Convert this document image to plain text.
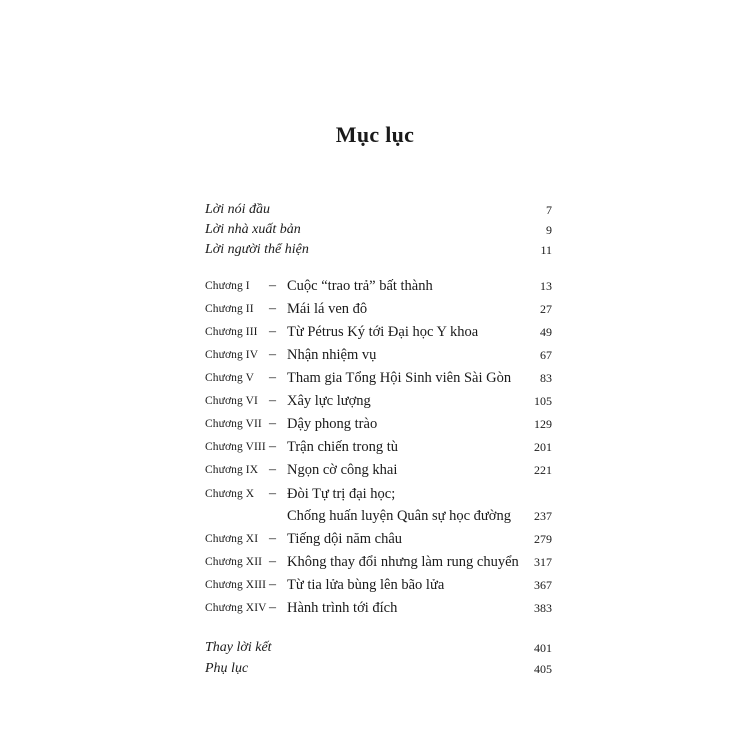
Mục lục
Lời nói đầu	7
Lời nhà xuất bản	9
Lời người thể hiện	11
Chương I – Cuộc “trao trả” bất thành	13
Chương II – Mái lá ven đô	27
Chương III – Từ Pétrus Ký tới Đại học Y khoa	49
Chương IV – Nhận nhiệm vụ	67
Chương V – Tham gia Tổng Hội Sinh viên Sài Gòn 83
Chương VI – Xây lực lượng	105
Chương VII – Dậy phong trào	129
Chương VIII – Trận chiến trong tù	201
Chương IX – Ngọn cờ công khai	221
Chương X – Đòi Tự trị đại học;
Chống huấn luyện Quân sự học đường 237
Chương XI – Tiếng dội năm châu	279
Chương XII – Không thay đổi nhưng làm rung chuyển 317
Chương XIII – Từ tia lửa bùng lên bão lửa	367
Chương XIV – Hành trình tới đích	383
Thay lời kết	401
Phụ lục	405
